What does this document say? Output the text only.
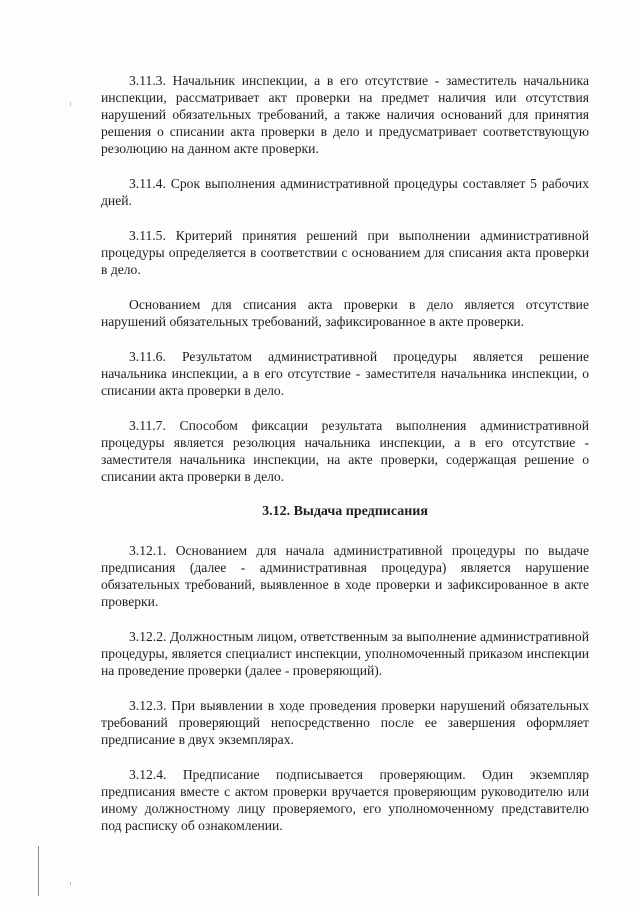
3.11.3. Начальник инспекции, а в его отсутствие - заместитель начальника инспекции, рассматривает акт проверки на предмет наличия или отсутствия нарушений обязательных требований, а также наличия оснований для принятия решения о списании акта проверки в дело и предусматривает соответствующую резолюцию на данном акте проверки.

3.11.4. Срок выполнения административной процедуры составляет 5 рабочих дней.

3.11.5. Критерий принятия решений при выполнении административной процедуры определяется в соответствии с основанием для списания акта проверки в дело.

Основанием для списания акта проверки в дело является отсутствие нарушений обязательных требований, зафиксированное в акте проверки.

3.11.6. Результатом административной процедуры является решение начальника инспекции, а в его отсутствие - заместителя начальника инспекции, о списании акта проверки в дело.

3.11.7. Способом фиксации результата выполнения административной процедуры является резолюция начальника инспекции, а в его отсутствие - заместителя начальника инспекции, на акте проверки, содержащая решение о списании акта проверки в дело.

3.12. Выдача предписания

3.12.1. Основанием для начала административной процедуры по выдаче предписания (далее - административная процедура) является нарушение обязательных требований, выявленное в ходе проверки и зафиксированное в акте проверки.

3.12.2. Должностным лицом, ответственным за выполнение административной процедуры, является специалист инспекции, уполномоченный приказом инспекции на проведение проверки (далее - проверяющий).

3.12.3. При выявлении в ходе проведения проверки нарушений обязательных требований проверяющий непосредственно после ее завершения оформляет предписание в двух экземплярах.

3.12.4. Предписание подписывается проверяющим. Один экземпляр предписания вместе с актом проверки вручается проверяющим руководителю или иному должностному лицу проверяемого, его уполномоченному представителю под расписку об ознакомлении.
